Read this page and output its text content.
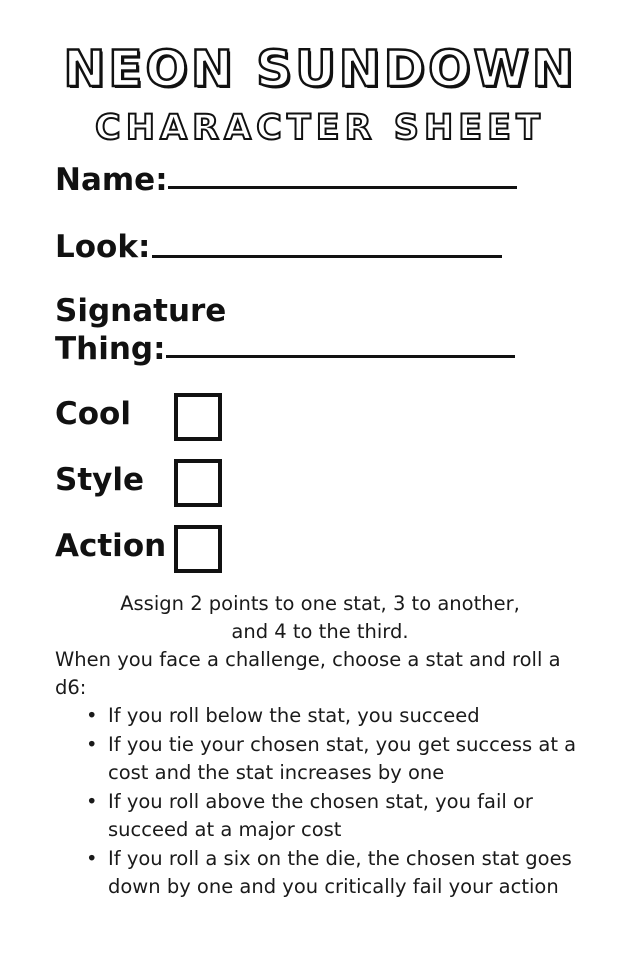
NEON SUNDOWN
CHARACTER SHEET
Name:
Look:
Signature
Thing:
Cool
Style
Action
Assign 2 points to one stat, 3 to another,
and 4 to the third.
When you face a challenge, choose a stat and roll a d6:
• If you roll below the stat, you succeed
• If you tie your chosen stat, you get success at a cost and the stat increases by one
• If you roll above the chosen stat, you fail or succeed at a major cost
• If you roll a six on the die, the chosen stat goes down by one and you critically fail your action
